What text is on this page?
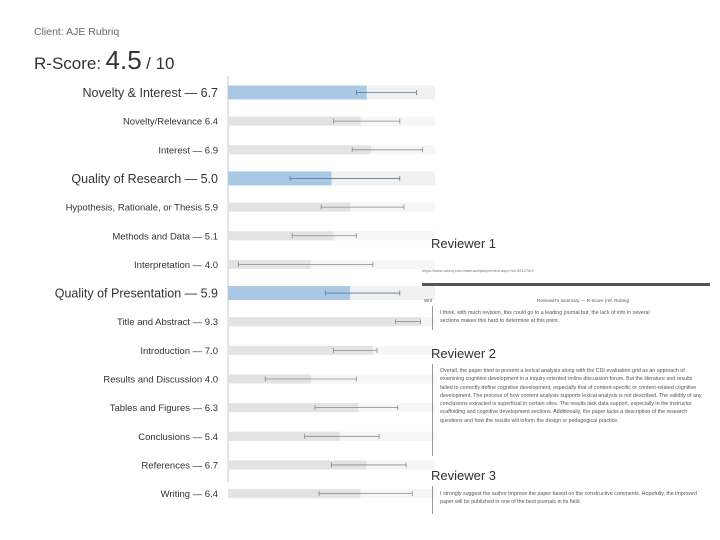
Client: AJE Rubriq
R-Score: 4.5 / 10
Novelty & Interest — 6.7
Novelty/Relevance 6.4
Interest — 6.9
Quality of Research — 5.0
Hypothesis, Rationale, or Thesis 5.9
Methods and Data — 5.1
Interpretation — 4.0
Quality of Presentation — 5.9
Title and Abstract — 9.3
Introduction — 7.0
Results and Discussion 4.0
Tables and Figures — 6.3
Conclusions — 5.4
References — 6.7
Writing — 6.4
Reviewer 1
https://www.rubriq.com/manuscripts/preview.aspx?id=39127#r1
Writ	Reviewer's summary — R-Score (ref. Rubriq)
I think, with much revision, this could go to a leading journal but, the lack of info in several sections makes this hard to determine at this point.
Reviewer 2
Overall, the paper tried to present a lexical analysis along with the CDI evaluation grid as an approach of examining cognitive development in a inquiry-oriented online discussion forum. But the literature and results failed to correctly define cognitive development, especially that of content-specific or content-related cognitive development. The process of how content analysis supports lexical analysis is not described. The validity of any conclusions extracted is superficial in certain sites. The results lack data support, especially in the instructor scaffolding and cognitive development sections. Additionally, the paper lacks a description of the research questions and how the results will inform the design or pedagogical practice.
Reviewer 3
I strongly suggest the author improve the paper based on the constructive comments. Hopefully, the improved paper will be published in one of the best journals in its field.
